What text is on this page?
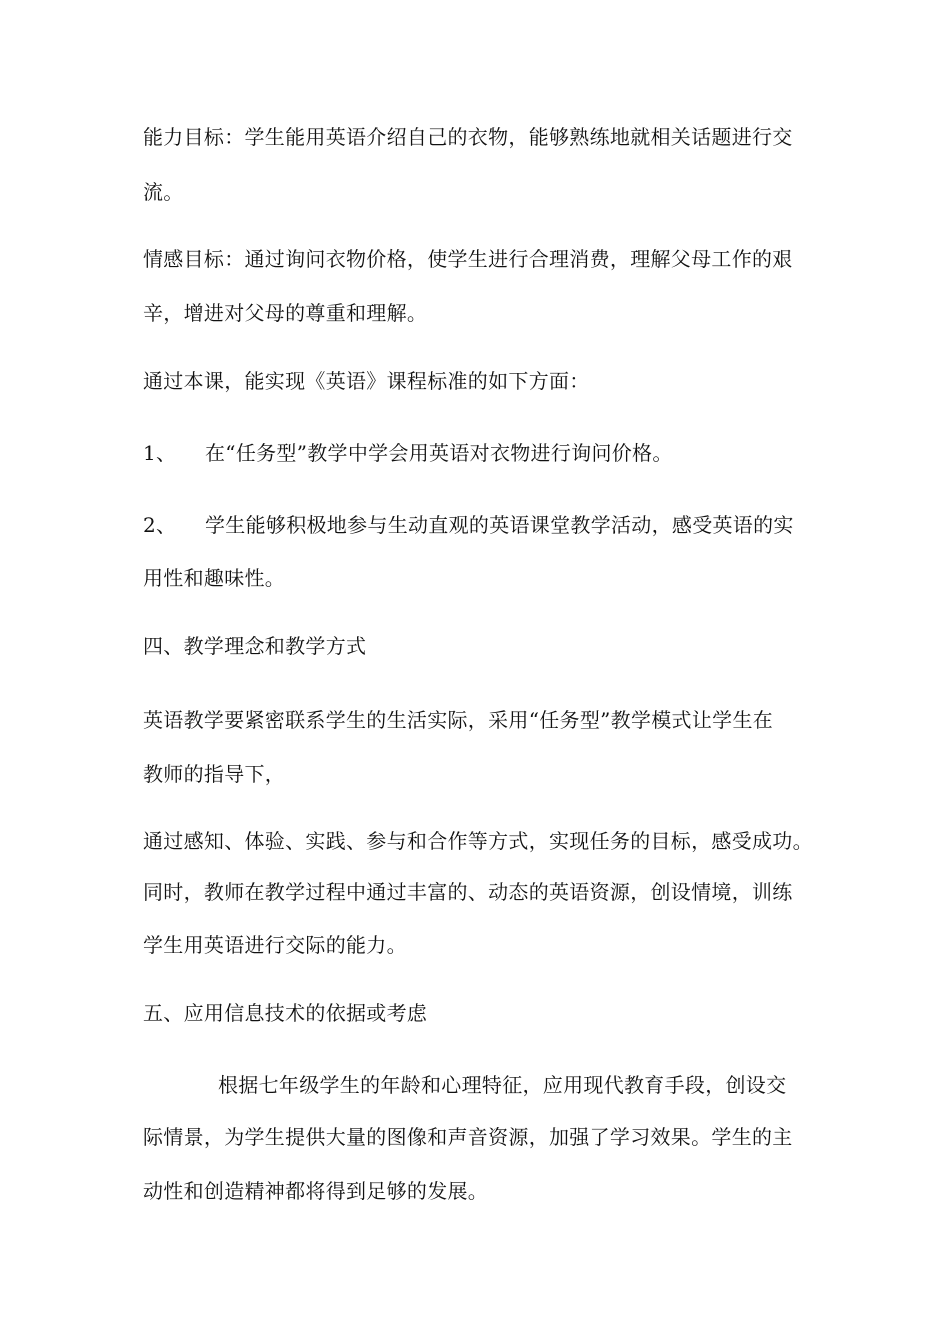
能力目标：学生能用英语介绍自己的衣物，能够熟练地就相关话题进行交
流。
情感目标：通过询问衣物价格，使学生进行合理消费，理解父母工作的艰
辛，增进对父母的尊重和理解。
通过本课，能实现《英语》课程标准的如下方面：
1、 在“任务型”教学中学会用英语对衣物进行询问价格。
2、 学生能够积极地参与生动直观的英语课堂教学活动，感受英语的实
用性和趣味性。
四、教学理念和教学方式
英语教学要紧密联系学生的生活实际，采用“任务型”教学模式让学生在
教师的指导下，
通过感知、体验、实践、参与和合作等方式，实现任务的目标，感受成功。
同时，教师在教学过程中通过丰富的、动态的英语资源，创设情境，训练
学生用英语进行交际的能力。
五、应用信息技术的依据或考虑
根据七年级学生的年龄和心理特征，应用现代教育手段，创设交
际情景，为学生提供大量的图像和声音资源，加强了学习效果。学生的主
动性和创造精神都将得到足够的发展。
